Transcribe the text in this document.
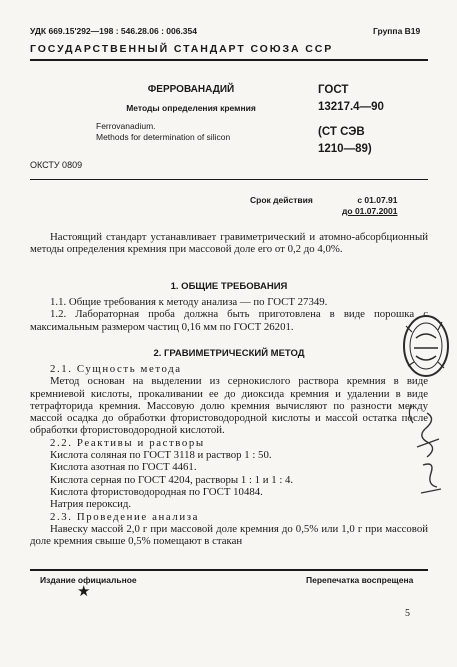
УДК 669.15'292—198 : 546.28.06 : 006.354	Группа В19
ГОСУДАРСТВЕННЫЙ СТАНДАРТ СОЮЗА ССР
ФЕРРОВАНАДИЙ
Методы определения кремния
Ferrovanadium.
Methods for determination of silicon
ГОСТ
13217.4—90
(СТ СЭВ
1210—89)
ОКСТУ 0809
Срок действия	с 01.07.91
до 01.07.2001

Настоящий стандарт устанавливает гравиметрический и атомно-абсорбционный методы определения кремния при массовой доле его от 0,2 до 4,0%.

1. ОБЩИЕ ТРЕБОВАНИЯ

1.1. Общие требования к методу анализа — по ГОСТ 27349.

1.2. Лабораторная проба должна быть приготовлена в виде порошка с максимальным размером частиц 0,16 мм по ГОСТ 26201.

2. ГРАВИМЕТРИЧЕСКИЙ МЕТОД

2.1. Сущность метода

Метод основан на выделении из сернокислого раствора кремния в виде кремниевой кислоты, прокаливании ее до диоксида кремния и удалении в виде тетрафторида кремния. Массовую долю кремния вычисляют по разности между массой осадка до обработки фтористоводородной кислоты и массой остатка после обработки фтористоводородной кислотой.

2.2. Реактивы и растворы

Кислота соляная по ГОСТ 3118 и раствор 1 : 50.

Кислота азотная по ГОСТ 4461.

Кислота серная по ГОСТ 4204, растворы 1 : 1 и 1 : 4.

Кислота фтористоводородная по ГОСТ 10484.

Натрия пероксид.

2.3. Проведение анализа

Навеску массой 2,0 г при массовой доле кремния до 0,5% или 1,0 г при массовой доле кремния свыше 0,5% помещают в стакан

Издание официальное	Перепечатка воспрещена
★
5
